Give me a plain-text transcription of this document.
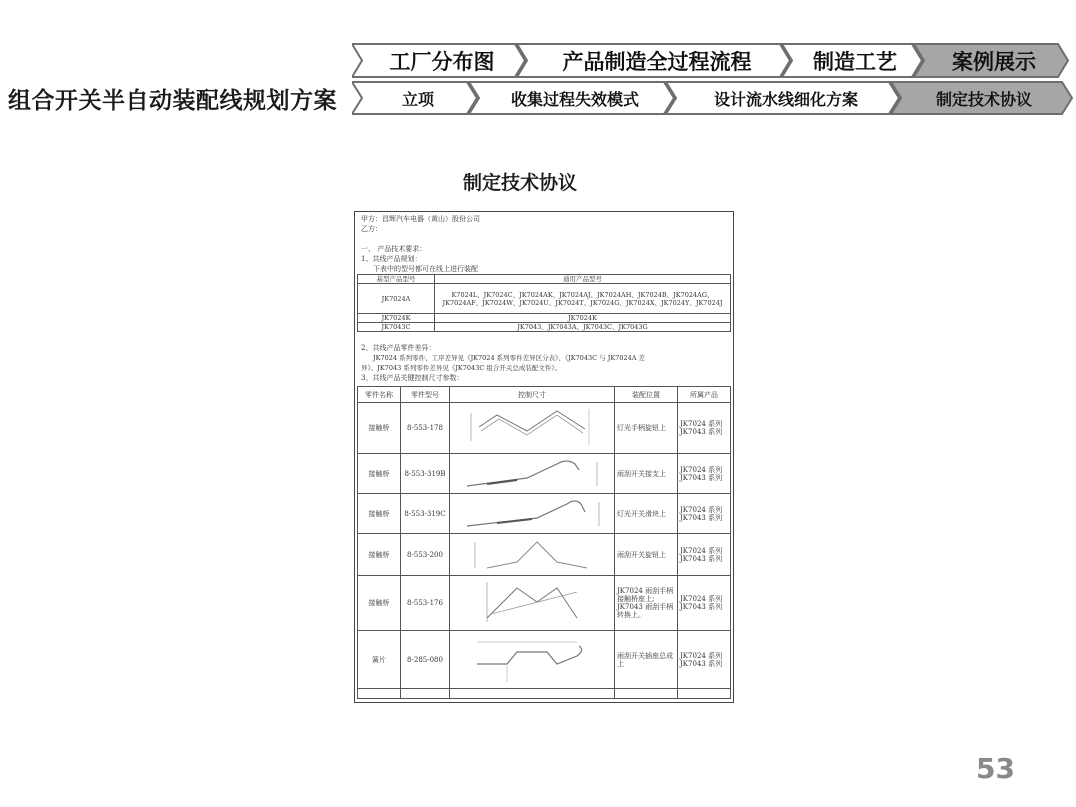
组合开关半自动装配线规划方案
工厂分布图	产品制造全过程流程	制造工艺	案例展示
立项	收集过程失效模式	设计流水线细化方案	制定技术协议
制定技术协议
甲方：昌辉汽车电器（黄山）股份公司
乙方：
一、 产品技术要求：
1、共线产品规划：
下表中的型号都可在线上进行装配
基型产品型号	通用产品型号
JK7024A	K7024L、JK7024C、JK7024AK、JK7024AJ、JK7024AH、JK7024B、JK7024AG、JK7024AF、JK7024W、JK7024U、JK7024T、JK7024G、JK7024X、JK7024Y、JK7024J
JK7024K	JK7024K
JK7043C	JK7043、JK7043A、JK7043C、JK7043G
2、共线产品零件差异：
JK7024 系列零件、工序差异见《JK7024 系列零件差异区分表》、《JK7043C 与 JK7024A 差
异》、JK7043 系列零件差异见《JK7043C 组合开关总成装配文件》。
3、共线产品关键控制尺寸参数：
零件名称	零件型号	控制尺寸	装配位置	所属产品
接触桥	8-553-178		灯光手柄旋钮上	JK7024 系列
JK7043 系列
接触桥	8-553-319B		雨刮开关接支上	JK7024 系列
JK7043 系列
接触桥	8-553-319C		灯光开关滑块上	JK7024 系列
JK7043 系列
接触桥	8-553-200		雨刮开关旋钮上	JK7024 系列
JK7043 系列
接触桥	8-553-176		JK7024 雨刮手柄接触桥座上;
JK7043 雨刮手柄转换上。	JK7024 系列
JK7043 系列
簧片	8-285-080		雨刮开关插座总成上	JK7024 系列
JK7043 系列

53
